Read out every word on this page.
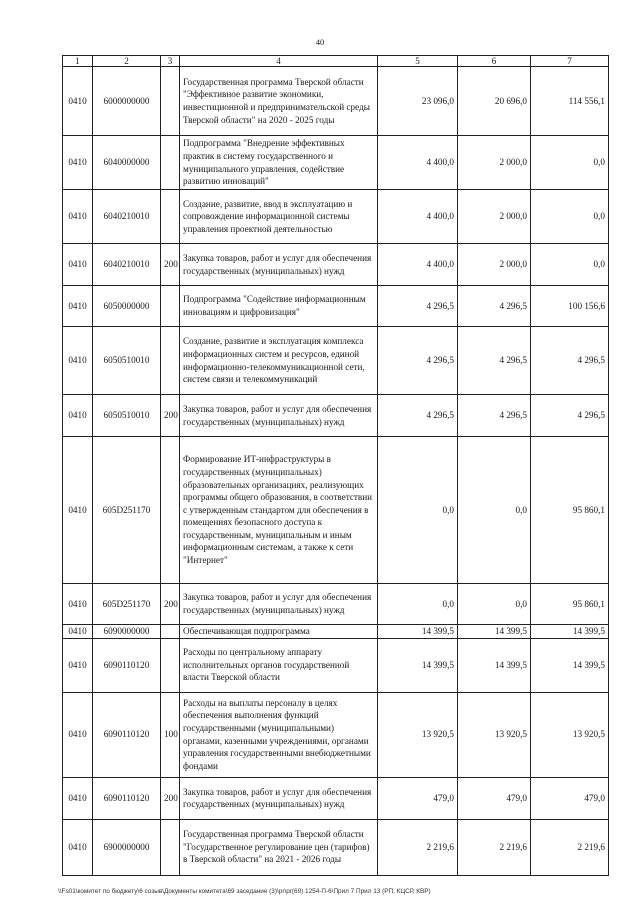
40
1	2	3	4	5	6	7
0410	6000000000		Государственная программа Тверской области "Эффективное развитие экономики, инвестиционной и предпринимательской среды Тверской области" на 2020 - 2025 годы	23 096,0	20 696,0	114 556,1
0410	6040000000		Подпрограмма "Внедрение эффективных практик в систему государственного и муниципального управления, содействие развитию инноваций"	4 400,0	2 000,0	0,0
0410	6040210010		Создание, развитие, ввод в эксплуатацию и сопровождение информационной системы управления проектной деятельностью	4 400,0	2 000,0	0,0
0410	6040210010	200	Закупка товаров, работ и услуг для обеспечения государственных (муниципальных) нужд	4 400,0	2 000,0	0,0
0410	6050000000		Подпрограмма "Содействие информационным инновациям и цифровизация"	4 296,5	4 296,5	100 156,6
0410	6050510010		Создание, развитие и эксплуатация комплекса информационных систем и ресурсов, единой информационно-телекоммуникационной сети, систем связи и телекоммуникаций	4 296,5	4 296,5	4 296,5
0410	6050510010	200	Закупка товаров, работ и услуг для обеспечения государственных (муниципальных) нужд	4 296,5	4 296,5	4 296,5
0410	605D251170		Формирование ИТ-инфраструктуры в государственных (муниципальных) образовательных организациях, реализующих программы общего образования, в соответствии с утвержденным стандартом для обеспечения в помещениях безопасного доступа к государственным, муниципальным и иным информационным системам, а также к сети "Интернет"	0,0	0,0	95 860,1
0410	605D251170	200	Закупка товаров, работ и услуг для обеспечения государственных (муниципальных) нужд	0,0	0,0	95 860,1
0410	6090000000		Обеспечивающая подпрограмма	14 399,5	14 399,5	14 399,5
0410	6090110120		Расходы по центральному аппарату исполнительных органов государственной власти Тверской области	14 399,5	14 399,5	14 399,5
0410	6090110120	100	Расходы на выплаты персоналу в целях обеспечения выполнения функций государственными (муниципальными) органами, казенными учреждениями, органами управления государственными внебюджетными фондами	13 920,5	13 920,5	13 920,5
0410	6090110120	200	Закупка товаров, работ и услуг для обеспечения государственных (муниципальных) нужд	479,0	479,0	479,0
0410	6900000000		Государственная программа Тверской области "Государственное регулирование цен (тарифов) в Тверской области" на 2021 - 2026 годы	2 219,6	2 219,6	2 219,6
\\Fs01\комитет по бюджету\6 созыв\Документы комитета\69 заседание (3)\pr\pr(69) 1254-П-6\Прил 7 Прил 13 (РП, КЦСР, КВР)
